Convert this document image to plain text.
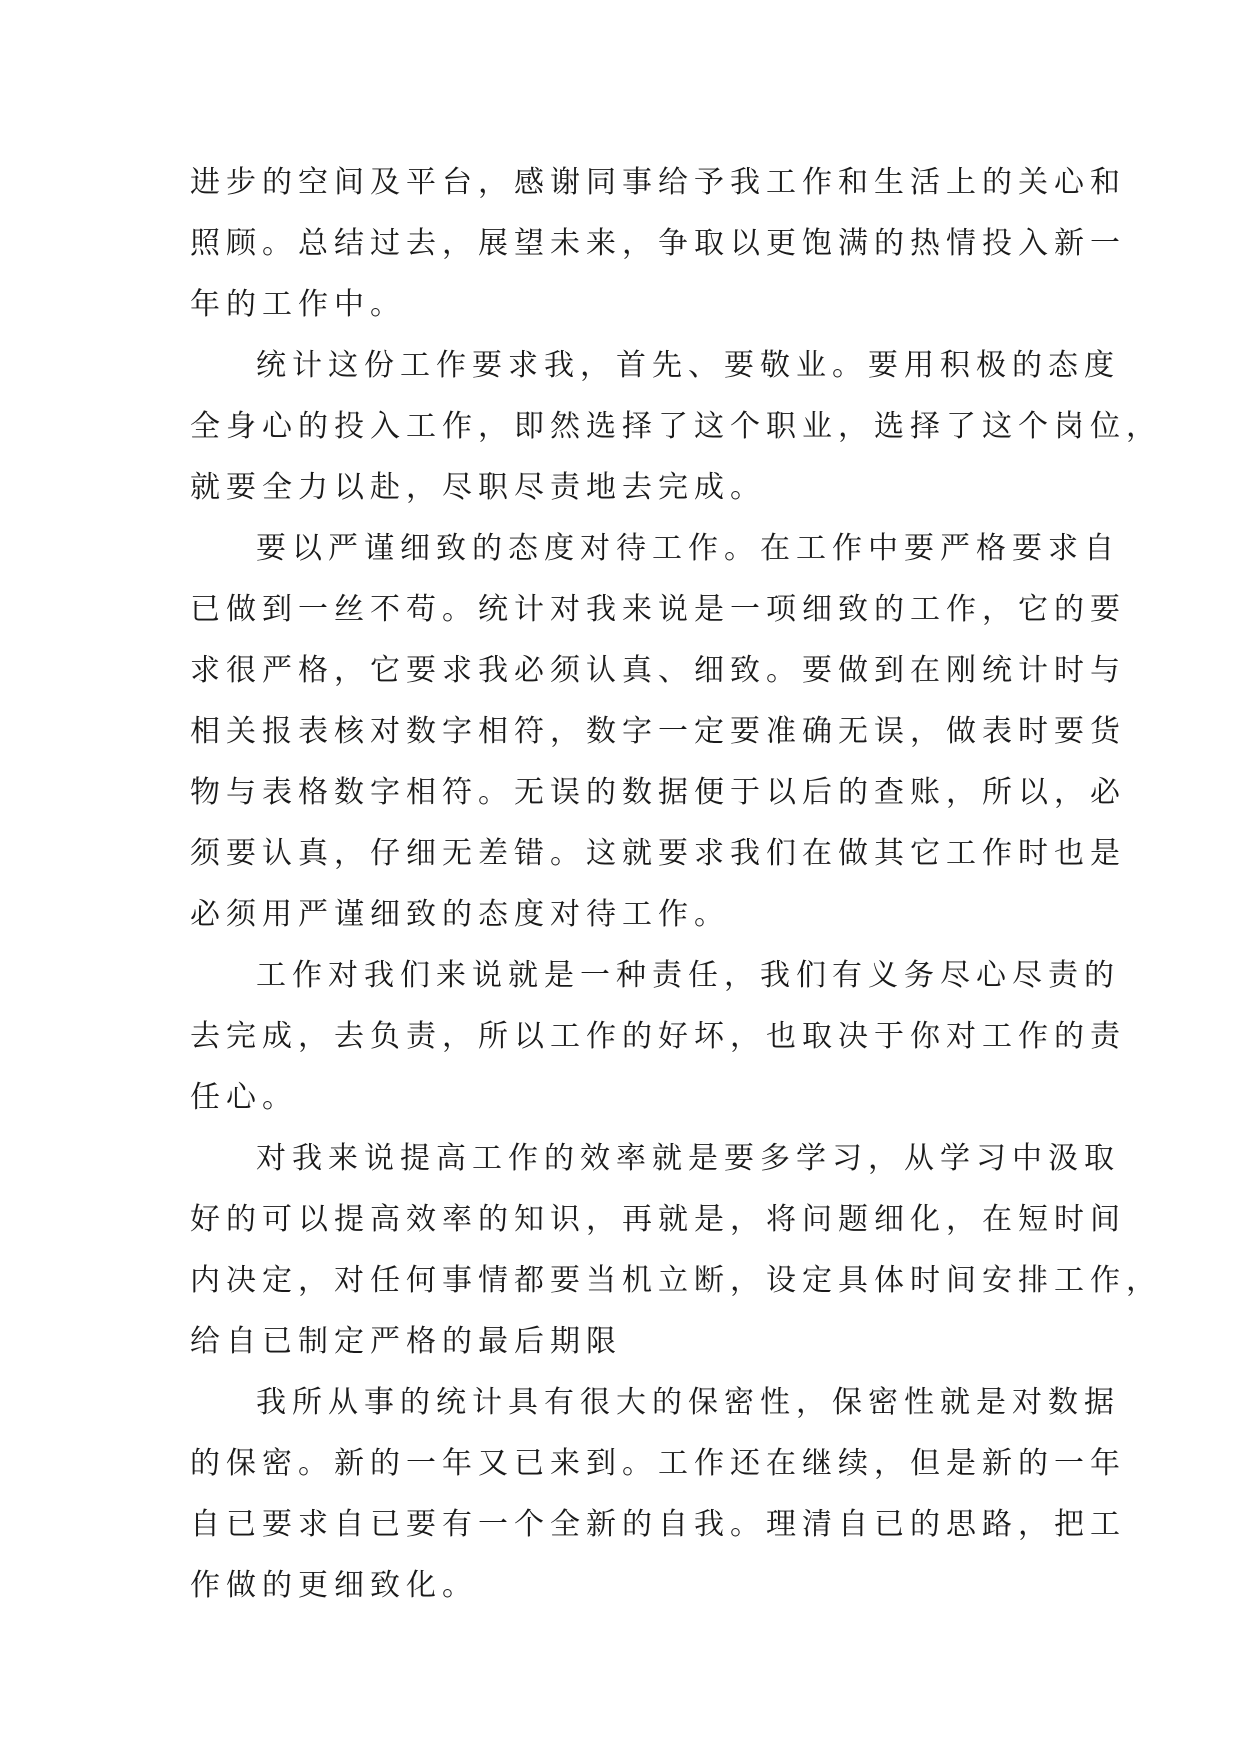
进步的空间及平台，感谢同事给予我工作和生活上的关心和
照顾。总结过去，展望未来，争取以更饱满的热情投入新一
年的工作中。
统计这份工作要求我，首先、要敬业。要用积极的态度
全身心的投入工作，即然选择了这个职业，选择了这个岗位，
就要全力以赴，尽职尽责地去完成。
要以严谨细致的态度对待工作。在工作中要严格要求自
已做到一丝不苟。统计对我来说是一项细致的工作，它的要
求很严格，它要求我必须认真、细致。要做到在刚统计时与
相关报表核对数字相符，数字一定要准确无误，做表时要货
物与表格数字相符。无误的数据便于以后的查账，所以，必
须要认真，仔细无差错。这就要求我们在做其它工作时也是
必须用严谨细致的态度对待工作。
工作对我们来说就是一种责任，我们有义务尽心尽责的
去完成，去负责，所以工作的好坏，也取决于你对工作的责
任心。
对我来说提高工作的效率就是要多学习，从学习中汲取
好的可以提高效率的知识，再就是，将问题细化，在短时间
内决定，对任何事情都要当机立断，设定具体时间安排工作，
给自已制定严格的最后期限
我所从事的统计具有很大的保密性，保密性就是对数据
的保密。新的一年又已来到。工作还在继续，但是新的一年
自已要求自已要有一个全新的自我。理清自已的思路，把工
作做的更细致化。
